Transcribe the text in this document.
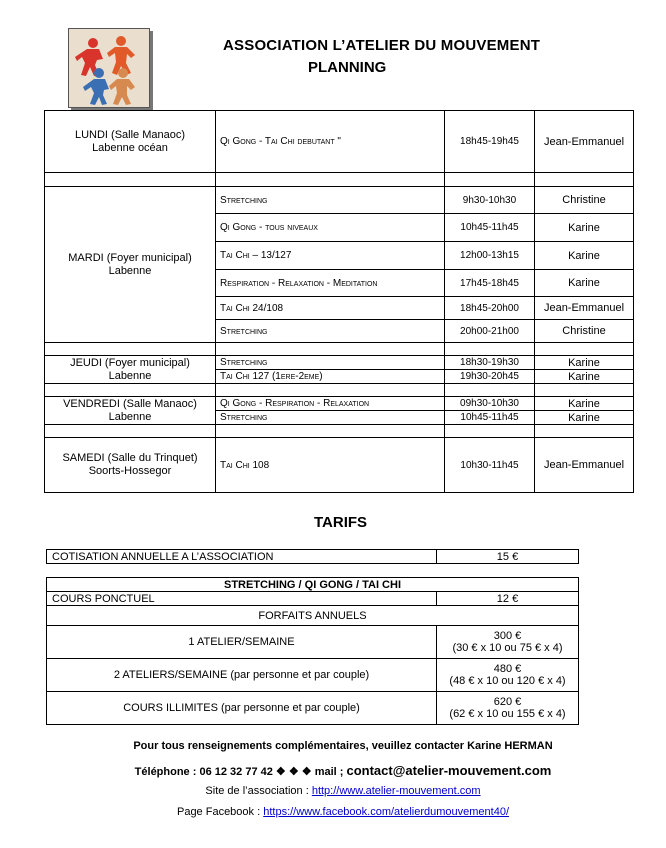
ASSOCIATION L’ATELIER DU MOUVEMENT
PLANNING
LUNDI (Salle Manaoc)
Labenne océan	Qi Gong - Tai Chi debutant "	18h45-19h45	Jean-Emmanuel

MARDI (Foyer municipal)
Labenne	Stretching	9h30-10h30	Christine
	Qi Gong - tous niveaux	10h45-11h45	Karine
	Tai Chi – 13/127	12h00-13h15	Karine
	Respiration - Relaxation - Meditation	17h45-18h45	Karine
	Tai Chi 24/108	18h45-20h00	Jean-Emmanuel
	Stretching	20h00-21h00	Christine

JEUDI (Foyer municipal)
Labenne	Stretching	18h30-19h30	Karine
	Tai Chi 127 (1ere-2eme)	19h30-20h45	Karine

VENDREDI (Salle Manaoc)
Labenne	Qi Gong - Respiration - Relaxation	09h30-10h30	Karine
	Stretching	10h45-11h45	Karine

SAMEDI (Salle du Trinquet)
Soorts-Hossegor	Tai Chi 108	10h30-11h45	Jean-Emmanuel
TARIFS
COTISATION ANNUELLE A L’ASSOCIATION	15 €
STRETCHING / QI GONG / TAI CHI	
COURS PONCTUEL	12 €
FORFAITS ANNUELS	
1 ATELIER/SEMAINE	300 €
(30 € x 10 ou 75 € x 4)
2 ATELIERS/SEMAINE (par personne et par couple)	480 €
(48 € x 10 ou 120 € x 4)
COURS ILLIMITES (par personne et par couple)	620 €
(62 € x 10 ou 155 € x 4)
Pour tous renseignements complémentaires, veuillez contacter Karine HERMAN
Téléphone : 06 12 32 77 42 ❖ ❖ ❖ mail ; contact@atelier-mouvement.com
Site de l’association : http://www.atelier-mouvement.com
Page Facebook : https://www.facebook.com/atelierdumouvement40/
